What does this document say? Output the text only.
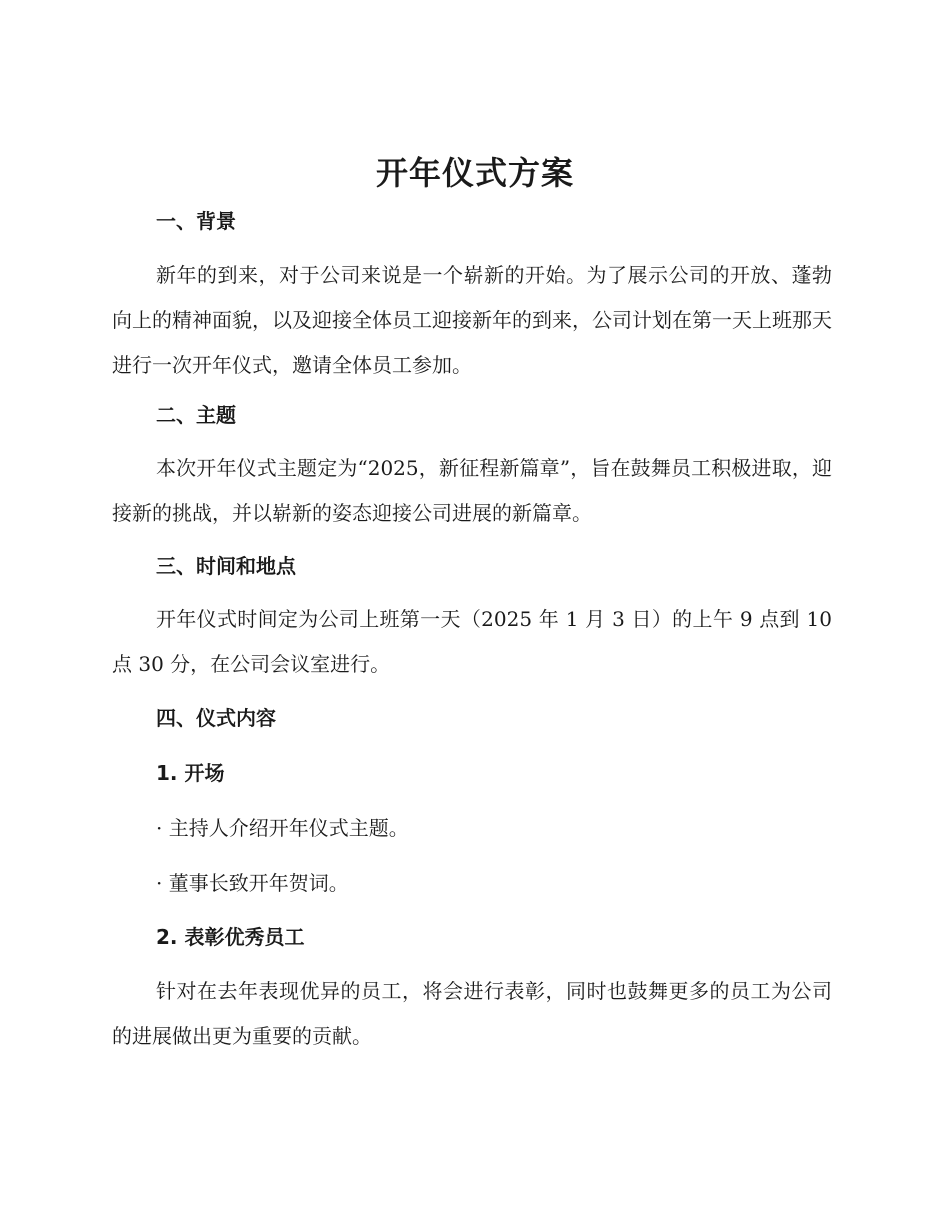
开年仪式方案
一、背景
新年的到来，对于公司来说是一个崭新的开始。为了展示公司的开放、蓬勃向上的精神面貌，以及迎接全体员工迎接新年的到来，公司计划在第一天上班那天进行一次开年仪式，邀请全体员工参加。
二、主题
本次开年仪式主题定为“2025，新征程新篇章”，旨在鼓舞员工积极进取，迎接新的挑战，并以崭新的姿态迎接公司进展的新篇章。
三、时间和地点
开年仪式时间定为公司上班第一天（2025 年 1 月 3 日）的上午 9 点到 10 点 30 分，在公司会议室进行。
四、仪式内容
1. 开场
· 主持人介绍开年仪式主题。
· 董事长致开年贺词。
2. 表彰优秀员工
针对在去年表现优异的员工，将会进行表彰，同时也鼓舞更多的员工为公司的进展做出更为重要的贡献。
